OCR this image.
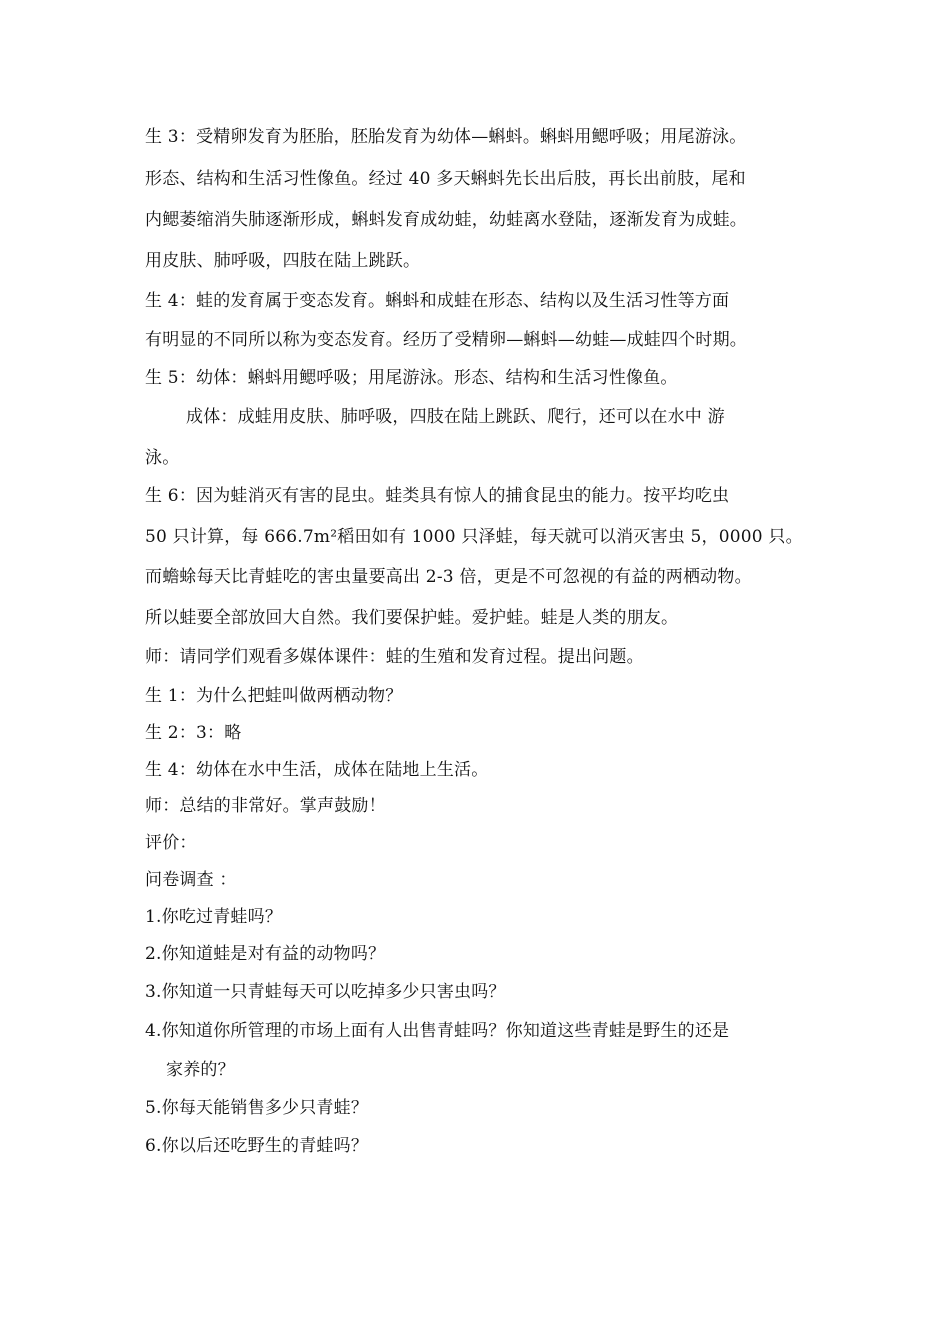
生 3：受精卵发育为胚胎，胚胎发育为幼体—蝌蚪。蝌蚪用鳃呼吸；用尾游泳。
形态、结构和生活习性像鱼。经过 40 多天蝌蚪先长出后肢，再长出前肢，尾和
内鳃萎缩消失肺逐渐形成，蝌蚪发育成幼蛙，幼蛙离水登陆，逐渐发育为成蛙。
用皮肤、肺呼吸，四肢在陆上跳跃。
生 4：蛙的发育属于变态发育。蝌蚪和成蛙在形态、结构以及生活习性等方面
有明显的不同所以称为变态发育。经历了受精卵—蝌蚪—幼蛙—成蛙四个时期。
生 5：幼体：蝌蚪用鳃呼吸；用尾游泳。形态、结构和生活习性像鱼。
成体：成蛙用皮肤、肺呼吸，四肢在陆上跳跃、爬行，还可以在水中 游
泳。
生 6：因为蛙消灭有害的昆虫。蛙类具有惊人的捕食昆虫的能力。按平均吃虫
50 只计算，每 666.7m²稻田如有 1000 只泽蛙，每天就可以消灭害虫 5，0000 只。
而蟾蜍每天比青蛙吃的害虫量要高出 2-3 倍，更是不可忽视的有益的两栖动物。
所以蛙要全部放回大自然。我们要保护蛙。爱护蛙。蛙是人类的朋友。
师：请同学们观看多媒体课件：蛙的生殖和发育过程。提出问题。
生 1：为什么把蛙叫做两栖动物？
生 2：3：略
生 4：幼体在水中生活，成体在陆地上生活。
师：总结的非常好。掌声鼓励！
评价：
问卷调查 ：
1.你吃过青蛙吗？
2.你知道蛙是对有益的动物吗？
3.你知道一只青蛙每天可以吃掉多少只害虫吗？
4.你知道你所管理的市场上面有人出售青蛙吗？你知道这些青蛙是野生的还是
家养的？
5.你每天能销售多少只青蛙？
6.你以后还吃野生的青蛙吗？
